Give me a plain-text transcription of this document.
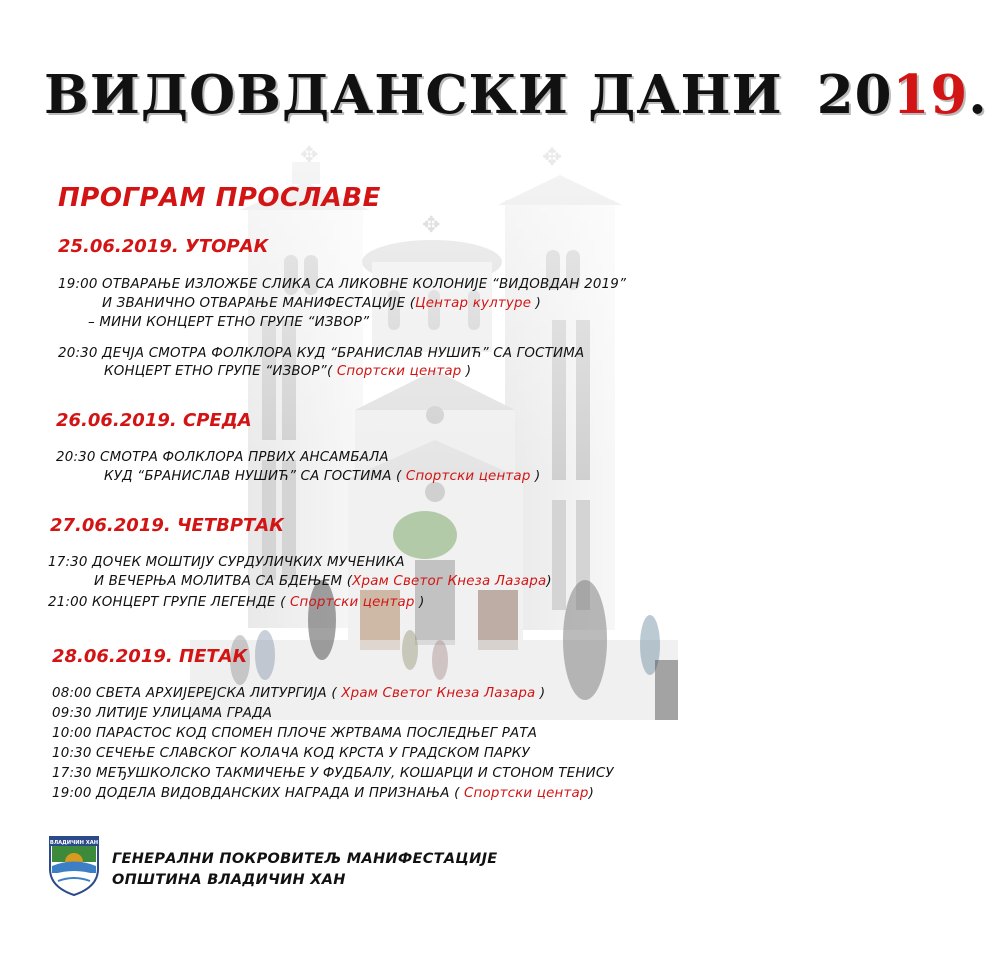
ВИДОВДАНСКИ ДАНИ 2019.
ПРОГРАМ ПРОСЛАВЕ
25.06.2019. УТОРАК
19:00 ОТВАРАЊЕ ИЗЛОЖБЕ СЛИКА СА ЛИКОВНЕ КОЛОНИЈЕ “ВИДОВДАН 2019”
И ЗВАНИЧНО ОТВАРАЊЕ МАНИФЕСТАЦИЈЕ (Центар културе )
– МИНИ КОНЦЕРТ ЕТНО ГРУПЕ “ИЗВОР”
20:30 ДЕЧЈА СМОТРА ФОЛКЛОРА КУД “БРАНИСЛАВ НУШИЋ” СА ГОСТИМА
КОНЦЕРТ ЕТНО ГРУПЕ “ИЗВОР”( Спортски центар )
26.06.2019. СРЕДА
20:30 СМОТРА ФОЛКЛОРА ПРВИХ АНСАМБАЛА
КУД “БРАНИСЛАВ НУШИЋ” СА ГОСТИМА ( Спортски центар )
27.06.2019. ЧЕТВРТАК
17:30 ДОЧЕК МОШТИЈУ СУРДУЛИЧКИХ МУЧЕНИКА
И ВЕЧЕРЊА МОЛИТВА СА БДЕЊЕМ (Храм Светог Кнеза Лазара)
21:00 КОНЦЕРТ ГРУПЕ ЛЕГЕНДЕ ( Спортски центар )
28.06.2019. ПЕТАК
08:00 СВЕТА АРХИЈЕРЕЈСКА ЛИТУРГИЈА ( Храм Светог Кнеза Лазара )
09:30 ЛИТИЈЕ УЛИЦАМА ГРАДА
10:00 ПАРАСТОС КОД СПОМЕН ПЛОЧЕ ЖРТВАМА ПОСЛЕДЊЕГ РАТА
10:30 СЕЧЕЊЕ СЛАВСКОГ КОЛАЧА КОД КРСТА У ГРАДСКОМ ПАРКУ
17:30 МЕЂУШКОЛСКО ТАКМИЧЕЊЕ У ФУДБАЛУ, КОШАРЦИ И СТОНОМ ТЕНИСУ
19:00 ДОДЕЛА ВИДОВДАНСКИХ НАГРАДА И ПРИЗНАЊА ( Спортски центар)
ВЛАДИЧИН ХАН
ГЕНЕРАЛНИ ПОКРОВИТЕЉ МАНИФЕСТАЦИЈЕ
ОПШТИНА ВЛАДИЧИН ХАН
